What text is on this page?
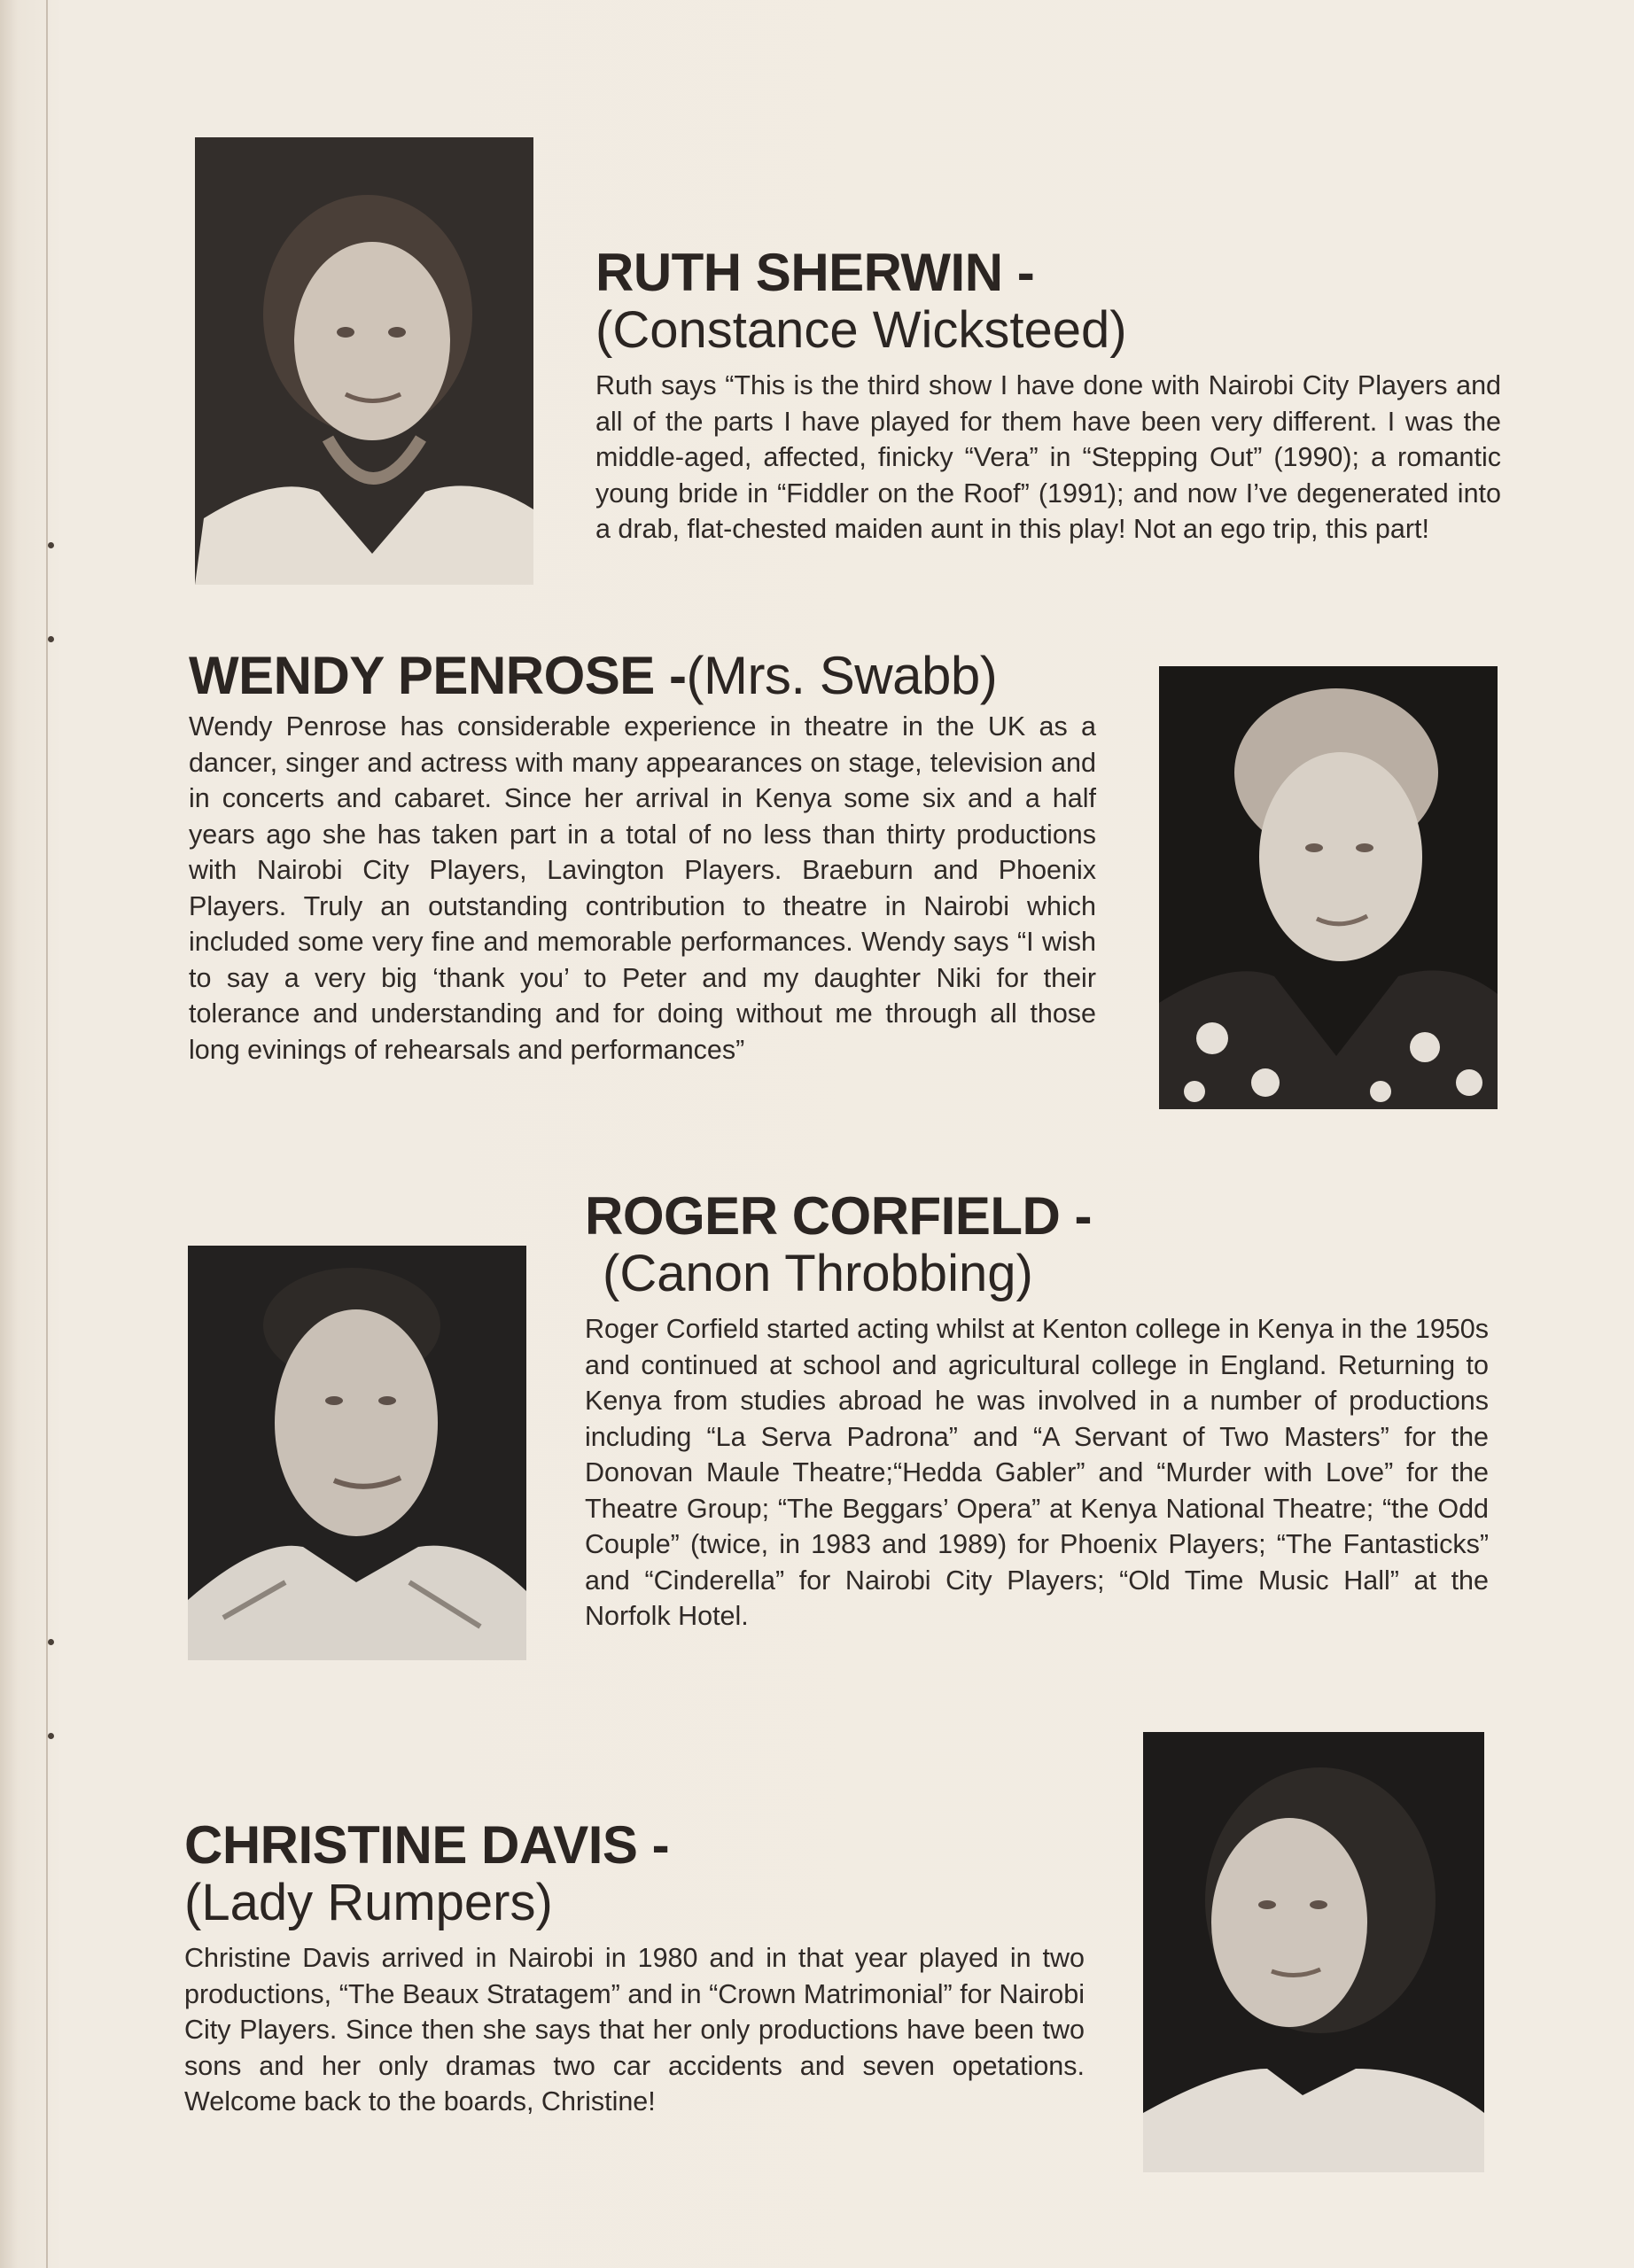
RUTH SHERWIN -
(Constance Wicksteed)
Ruth says “This is the third show I have done with Nairobi City Players and all of the parts I have played for them have been very different. I was the middle-aged, affected, finicky “Vera” in “Stepping Out” (1990); a romantic young bride in “Fiddler on the Roof” (1991); and now I’ve degenerated into a drab, flat-chested maiden aunt in this play! Not an ego trip, this part!
WENDY PENROSE -(Mrs. Swabb)
Wendy Penrose has considerable experience in theatre in the UK as a dancer, singer and actress with many appearances on stage, television and in concerts and cabaret. Since her arrival in Kenya some six and a half years ago she has taken part in a total of no less than thirty productions with Nairobi City Players, Lavington Players. Braeburn and Phoenix Players. Truly an outstanding contribution to theatre in Nairobi which included some very fine and memorable performances. Wendy says “I wish to say a very big ‘thank you’ to Peter and my daughter Niki for their tolerance and understanding and for doing without me through all those long evinings of rehearsals and performances”
ROGER CORFIELD -
(Canon Throbbing)
Roger Corfield started acting whilst at Kenton college in Kenya in the 1950s and continued at school and agricultural college in England. Returning to Kenya from studies abroad he was involved in a number of productions including “La Serva Padrona” and “A Servant of Two Masters” for the Donovan Maule Theatre;“Hedda Gabler” and “Murder with Love” for the Theatre Group; “The Beggars’ Opera” at Kenya National Theatre; “the Odd Couple” (twice, in 1983 and 1989) for Phoenix Players; “The Fantasticks” and “Cinderella” for Nairobi City Players; “Old Time Music Hall” at the Norfolk Hotel.
CHRISTINE DAVIS -
(Lady Rumpers)
Christine Davis arrived in Nairobi in 1980 and in that year played in two productions, “The Beaux Stratagem” and in “Crown Matrimonial” for Nairobi City Players. Since then she says that her only productions have been two sons and her only dramas two car accidents and seven opetations. Welcome back to the boards, Christine!
